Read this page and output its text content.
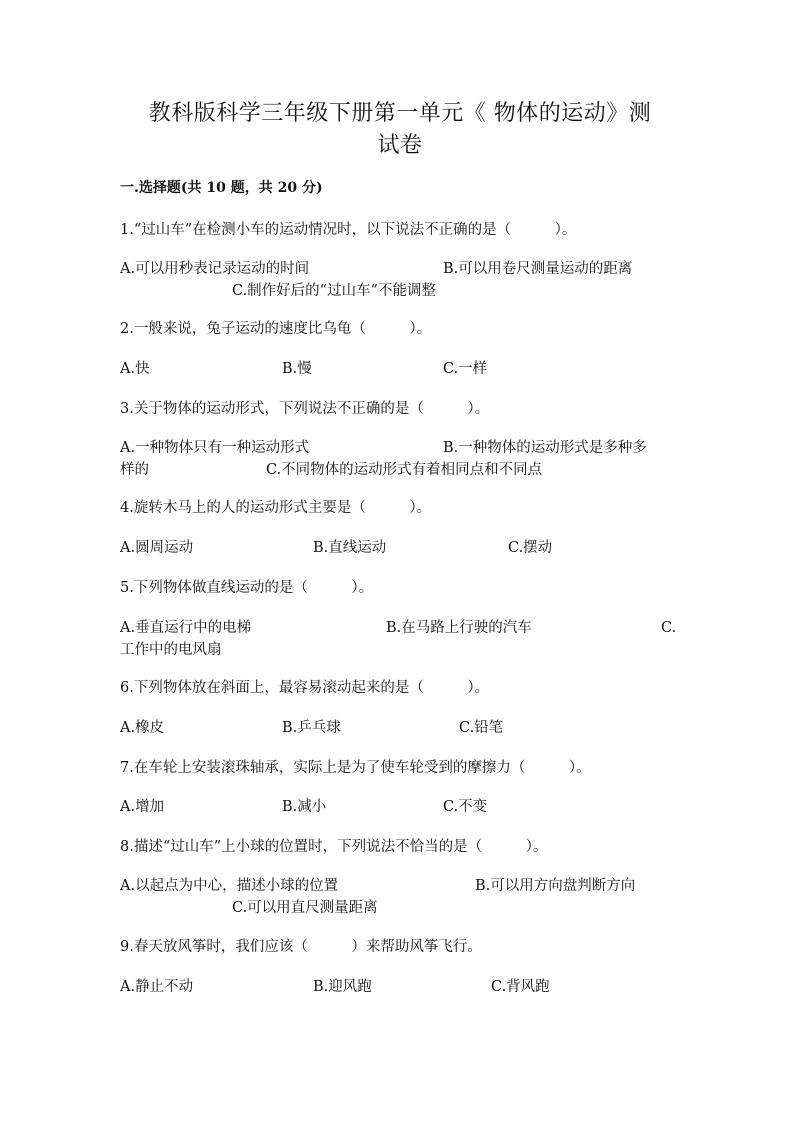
教科版科学三年级下册第一单元《 物体的运动》测
试卷
一.选择题(共 10 题，共 20 分)
1.“过山车”在检测小车的运动情况时，以下说法不正确的是（　　　）。
A.可以用秒表记录运动的时间	B.可以用卷尺测量运动的距离
C.制作好后的“过山车”不能调整
2.一般来说，兔子运动的速度比乌龟（　　　）。
A.快	B.慢	C.一样
3.关于物体的运动形式，下列说法不正确的是（　　　）。
A.一种物体只有一种运动形式	B.一种物体的运动形式是多种多
样的	C.不同物体的运动形式有着相同点和不同点
4.旋转木马上的人的运动形式主要是（　　　）。
A.圆周运动	B.直线运动	C.摆动
5.下列物体做直线运动的是（　　　）。
A.垂直运行中的电梯	B.在马路上行驶的汽车	C.
工作中的电风扇
6.下列物体放在斜面上，最容易滚动起来的是（　　　）。
A.橡皮	B.乒乓球	C.铅笔
7.在车轮上安装滚珠轴承，实际上是为了使车轮受到的摩擦力（　　　）。
A.增加	B.减小	C.不变
8.描述“过山车”上小球的位置时，下列说法不恰当的是（　　　）。
A.以起点为中心，描述小球的位置	B.可以用方向盘判断方向
C.可以用直尺测量距离
9.春天放风筝时，我们应该（　　　）来帮助风筝飞行。
A.静止不动	B.迎风跑	C.背风跑
